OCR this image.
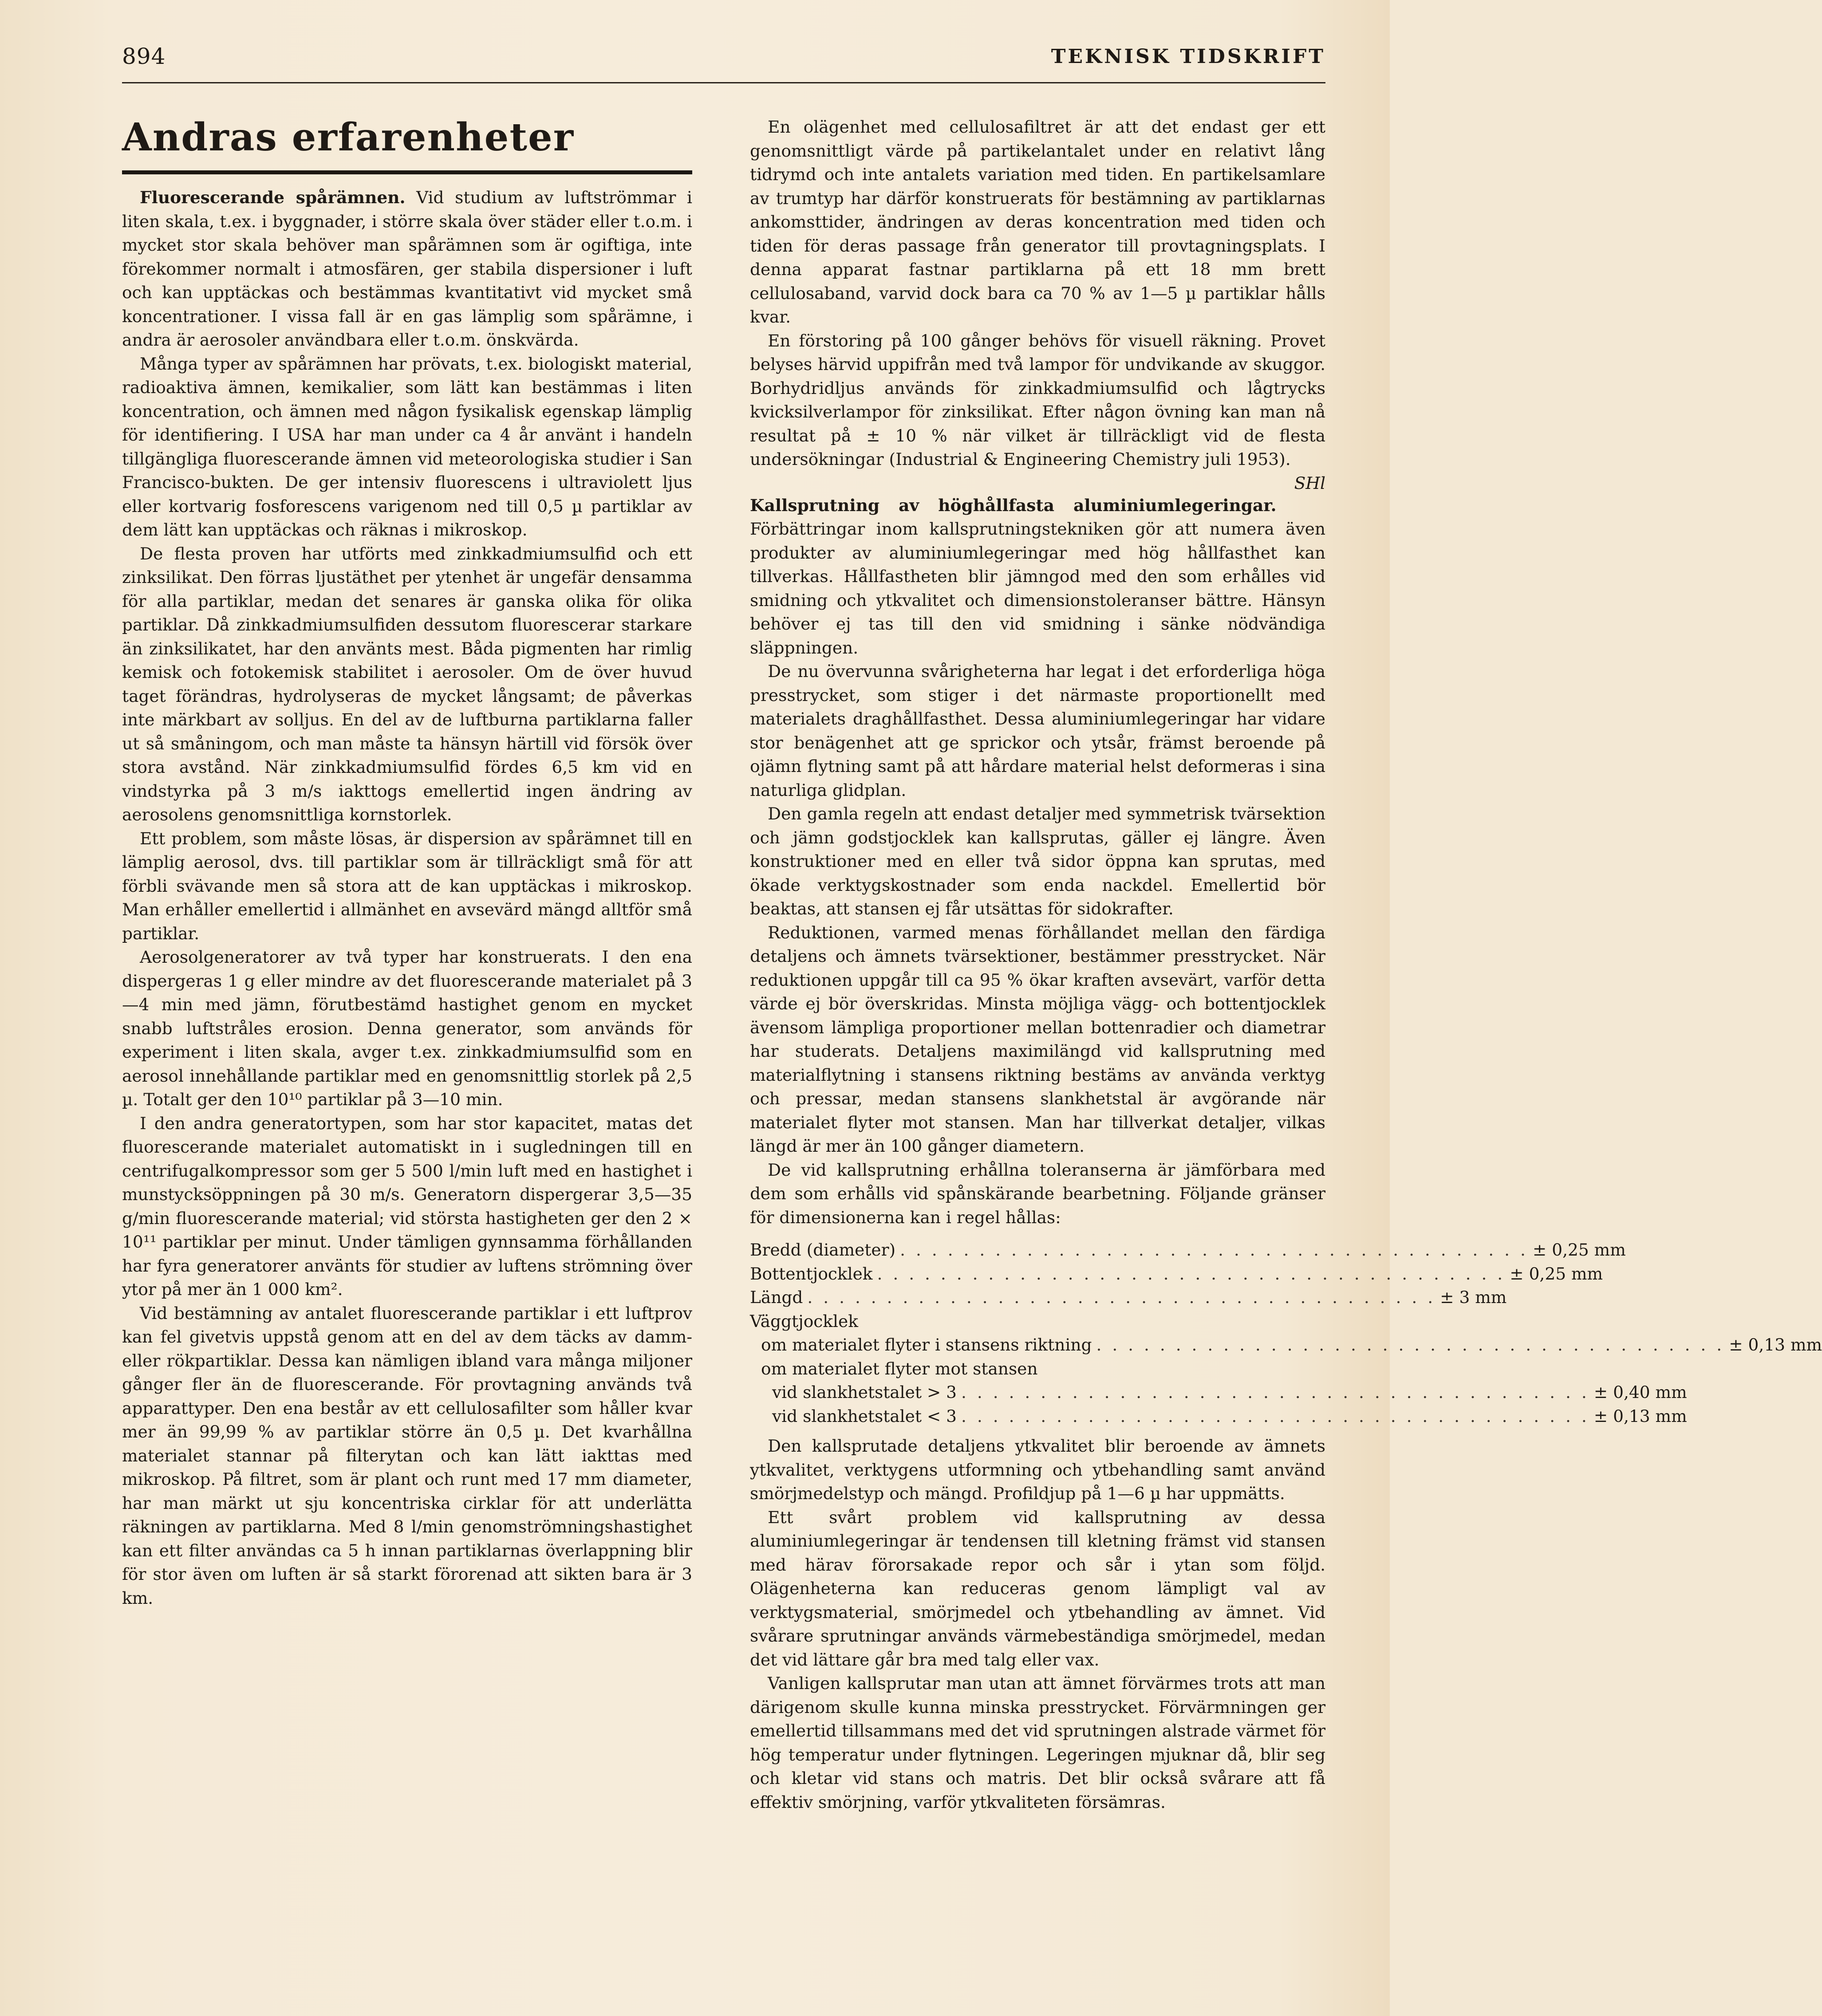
894	TEKNISK TIDSKRIFT
Andras erfarenheter

Fluorescerande spårämnen. Vid studium av luftströmmar i liten skala, t.ex. i byggnader, i större skala över städer eller t.o.m. i mycket stor skala behöver man spårämnen som är ogiftiga, inte förekommer normalt i atmosfären, ger stabila dispersioner i luft och kan upptäckas och bestämmas kvantitativt vid mycket små koncentrationer. I vissa fall är en gas lämplig som spårämne, i andra är aerosoler användbara eller t.o.m. önskvärda.

Många typer av spårämnen har prövats, t.ex. biologiskt material, radioaktiva ämnen, kemikalier, som lätt kan bestämmas i liten koncentration, och ämnen med någon fysikalisk egenskap lämplig för identifiering. I USA har man under ca 4 år använt i handeln tillgängliga fluorescerande ämnen vid meteorologiska studier i San Francisco-bukten. De ger intensiv fluorescens i ultraviolett ljus eller kortvarig fosforescens varigenom ned till 0,5 µ partiklar av dem lätt kan upptäckas och räknas i mikroskop.

De flesta proven har utförts med zinkkadmiumsulfid och ett zinksilikat. Den förras ljustäthet per ytenhet är ungefär densamma för alla partiklar, medan det senares är ganska olika för olika partiklar. Då zinkkadmiumsulfiden dessutom fluorescerar starkare än zinksilikatet, har den använts mest. Båda pigmenten har rimlig kemisk och fotokemisk stabilitet i aerosoler. Om de över huvud taget förändras, hydrolyseras de mycket långsamt; de påverkas inte märkbart av solljus. En del av de luftburna partiklarna faller ut så småningom, och man måste ta hänsyn härtill vid försök över stora avstånd. När zinkkadmiumsulfid fördes 6,5 km vid en vindstyrka på 3 m/s iakttogs emellertid ingen ändring av aerosolens genomsnittliga kornstorlek.

Ett problem, som måste lösas, är dispersion av spårämnet till en lämplig aerosol, dvs. till partiklar som är tillräckligt små för att förbli svävande men så stora att de kan upptäckas i mikroskop. Man erhåller emellertid i allmänhet en avsevärd mängd alltför små partiklar.

Aerosolgeneratorer av två typer har konstruerats. I den ena dispergeras 1 g eller mindre av det fluorescerande materialet på 3—4 min med jämn, förutbestämd hastighet genom en mycket snabb luftstråles erosion. Denna generator, som används för experiment i liten skala, avger t.ex. zinkkadmiumsulfid som en aerosol innehållande partiklar med en genomsnittlig storlek på 2,5 µ. Totalt ger den 10¹⁰ partiklar på 3—10 min.

I den andra generatortypen, som har stor kapacitet, matas det fluorescerande materialet automatiskt in i sugledningen till en centrifugalkompressor som ger 5 500 l/min luft med en hastighet i munstycksöppningen på 30 m/s. Generatorn dispergerar 3,5—35 g/min fluorescerande material; vid största hastigheten ger den 2 × 10¹¹ partiklar per minut. Under tämligen gynnsamma förhållanden har fyra generatorer använts för studier av luftens strömning över ytor på mer än 1 000 km².

Vid bestämning av antalet fluorescerande partiklar i ett luftprov kan fel givetvis uppstå genom att en del av dem täcks av damm- eller rökpartiklar. Dessa kan nämligen ibland vara många miljoner gånger fler än de fluorescerande. För provtagning används två apparattyper. Den ena består av ett cellulosafilter som håller kvar mer än 99,99 % av partiklar större än 0,5 µ. Det kvarhållna materialet stannar på filterytan och kan lätt iakttas med mikroskop. På filtret, som är plant och runt med 17 mm diameter, har man märkt ut sju koncentriska cirklar för att underlätta räkningen av partiklarna. Med 8 l/min genomströmningshastighet kan ett filter användas ca 5 h innan partiklarnas överlappning blir för stor även om luften är så starkt förorenad att sikten bara är 3 km.

En olägenhet med cellulosafiltret är att det endast ger ett genomsnittligt värde på partikelantalet under en relativt lång tidrymd och inte antalets variation med tiden. En partikelsamlare av trumtyp har därför konstruerats för bestämning av partiklarnas ankomsttider, ändringen av deras koncentration med tiden och tiden för deras passage från generator till provtagningsplats. I denna apparat fastnar partiklarna på ett 18 mm brett cellulosaband, varvid dock bara ca 70 % av 1—5 µ partiklar hålls kvar.

En förstoring på 100 gånger behövs för visuell räkning. Provet belyses härvid uppifrån med två lampor för undvikande av skuggor. Borhydridljus används för zinkkadmiumsulfid och lågtrycks kvicksilverlampor för zinksilikat. Efter någon övning kan man nå resultat på ± 10 % när vilket är tillräckligt vid de flesta undersökningar (Industrial & Engineering Chemistry juli 1953).
SHl

Kallsprutning av höghållfasta aluminiumlegeringar. Förbättringar inom kallsprutningstekniken gör att numera även produkter av aluminiumlegeringar med hög hållfasthet kan tillverkas. Hållfastheten blir jämngod med den som erhålles vid smidning och ytkvalitet och dimensionstoleranser bättre. Hänsyn behöver ej tas till den vid smidning i sänke nödvändiga släppningen.

De nu övervunna svårigheterna har legat i det erforderliga höga presstrycket, som stiger i det närmaste proportionellt med materialets draghållfasthet. Dessa aluminiumlegeringar har vidare stor benägenhet att ge sprickor och ytsår, främst beroende på ojämn flytning samt på att hårdare material helst deformeras i sina naturliga glidplan.

Den gamla regeln att endast detaljer med symmetrisk tvärsektion och jämn godstjocklek kan kallsprutas, gäller ej längre. Även konstruktioner med en eller två sidor öppna kan sprutas, med ökade verktygskostnader som enda nackdel. Emellertid bör beaktas, att stansen ej får utsättas för sidokrafter.

Reduktionen, varmed menas förhållandet mellan den färdiga detaljens och ämnets tvärsektioner, bestämmer presstrycket. När reduktionen uppgår till ca 95 % ökar kraften avsevärt, varför detta värde ej bör överskridas. Minsta möjliga vägg- och bottentjocklek ävensom lämpliga proportioner mellan bottenradier och diametrar har studerats. Detaljens maximilängd vid kallsprutning med materialflytning i stansens riktning bestäms av använda verktyg och pressar, medan stansens slankhetstal är avgörande när materialet flyter mot stansen. Man har tillverkat detaljer, vilkas längd är mer än 100 gånger diametern.

De vid kallsprutning erhållna toleranserna är jämförbara med dem som erhålls vid spånskärande bearbetning. Följande gränser för dimensionerna kan i regel hållas:

Bredd (diameter) . . . . . . . . . . . . . . . . . . . . . . . . . . . . . . . . . . . . . . . . ± 0,25 mm
Bottentjocklek . . . . . . . . . . . . . . . . . . . . . . . . . . . . . . . . . . . . . . . . ± 0,25 mm
Längd . . . . . . . . . . . . . . . . . . . . . . . . . . . . . . . . . . . . . . . . ± 3 mm
Väggtjocklek
om materialet flyter i stansens riktning . . . . . . . . . . . . . . . . . . . . . . . . . . . . . . . . . . . . . . . . ± 0,13 mm
om materialet flyter mot stansen
vid slankhetstalet > 3 . . . . . . . . . . . . . . . . . . . . . . . . . . . . . . . . . . . . . . . . ± 0,40 mm
vid slankhetstalet < 3 . . . . . . . . . . . . . . . . . . . . . . . . . . . . . . . . . . . . . . . . ± 0,13 mm

Den kallsprutade detaljens ytkvalitet blir beroende av ämnets ytkvalitet, verktygens utformning och ytbehandling samt använd smörjmedelstyp och mängd. Profildjup på 1—6 µ har uppmätts.

Ett svårt problem vid kallsprutning av dessa aluminiumlegeringar är tendensen till kletning främst vid stansen med härav förorsakade repor och sår i ytan som följd. Olägenheterna kan reduceras genom lämpligt val av verktygsmaterial, smörjmedel och ytbehandling av ämnet. Vid svårare sprutningar används värmebeständiga smörjmedel, medan det vid lättare går bra med talg eller vax.

Vanligen kallsprutar man utan att ämnet förvärmes trots att man därigenom skulle kunna minska presstrycket. Förvärmningen ger emellertid tillsammans med det vid sprutningen alstrade värmet för hög temperatur under flytningen. Legeringen mjuknar då, blir seg och kletar vid stans och matris. Det blir också svårare att få effektiv smörjning, varför ytkvaliteten försämras.
